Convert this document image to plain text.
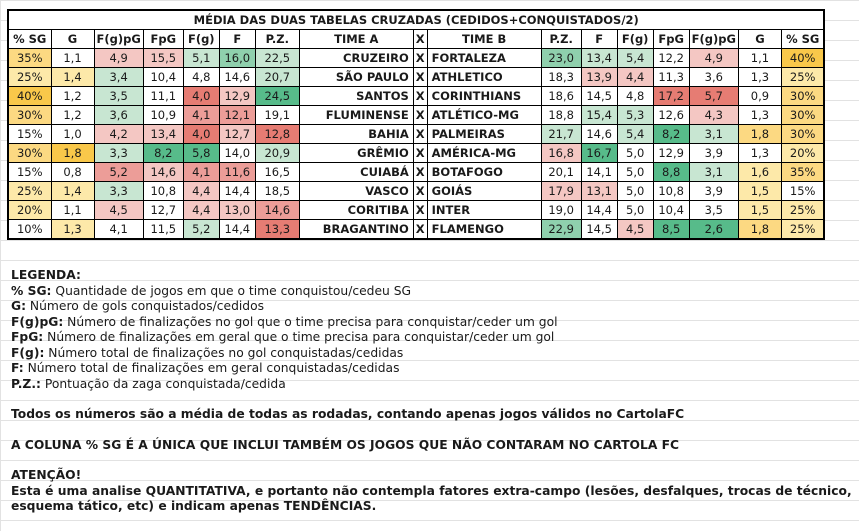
MÉDIA DAS DUAS TABELAS CRUZADAS (CEDIDOS+CONQUISTADOS/2)																
% SG	G	F(g)pG	FpG	F(g)	F	P.Z.	TIME A	X	TIME B	P.Z.	F	F(g)	FpG	F(g)pG	G	% SG
35%	1,1	4,9	15,5	5,1	16,0	22,5	CRUZEIRO	X	FORTALEZA	23,0	13,4	5,4	12,2	4,9	1,1	40%
25%	1,4	3,4	10,4	4,8	14,6	20,7	SÃO PAULO	X	ATHLETICO	18,3	13,9	4,4	11,3	3,6	1,3	25%
40%	1,2	3,5	11,1	4,0	12,9	24,5	SANTOS	X	CORINTHIANS	18,6	14,5	4,8	17,2	5,7	0,9	30%
30%	1,2	3,6	10,9	4,1	12,1	19,1	FLUMINENSE	X	ATLÉTICO-MG	18,8	15,4	5,3	12,6	4,3	1,3	30%
15%	1,0	4,2	13,4	4,0	12,7	12,8	BAHIA	X	PALMEIRAS	21,7	14,6	5,4	8,2	3,1	1,8	30%
30%	1,8	3,3	8,2	5,8	14,0	20,9	GRÊMIO	X	AMÉRICA-MG	16,8	16,7	5,0	12,9	3,9	1,3	20%
15%	0,8	5,2	14,6	4,1	11,6	16,5	CUIABÁ	X	BOTAFOGO	20,1	14,1	5,0	8,8	3,1	1,6	35%
25%	1,4	3,3	10,8	4,4	14,4	18,5	VASCO	X	GOIÁS	17,9	13,1	5,0	10,8	3,9	1,5	15%
20%	1,1	4,5	12,7	4,4	13,0	14,6	CORITIBA	X	INTER	19,0	14,4	5,0	10,4	3,5	1,5	25%
10%	1,3	4,1	11,5	5,2	14,4	13,3	BRAGANTINO	X	FLAMENGO	22,9	14,5	4,5	8,5	2,6	1,8	25%
LEGENDA:
% SG: Quantidade de jogos em que o time conquistou/cedeu SG
G: Número de gols conquistados/cedidos
F(g)pG: Número de finalizações no gol que o time precisa para conquistar/ceder um gol
FpG: Número de finalizações em geral que o time precisa para conquistar/ceder um gol
F(g): Número total de finalizações no gol conquistadas/cedidas
F: Número total de finalizações em geral conquistadas/cedidas
P.Z.: Pontuação da zaga conquistada/cedida
Todos os números são a média de todas as rodadas, contando apenas jogos válidos no CartolaFC
A COLUNA % SG É A ÚNICA QUE INCLUI TAMBÉM OS JOGOS QUE NÃO CONTARAM NO CARTOLA FC
ATENÇÃO!
Esta é uma analise QUANTITATIVA, e portanto não contempla fatores extra-campo (lesões, desfalques, trocas de técnico, esquema tático, etc) e indicam apenas TENDÊNCIAS.
